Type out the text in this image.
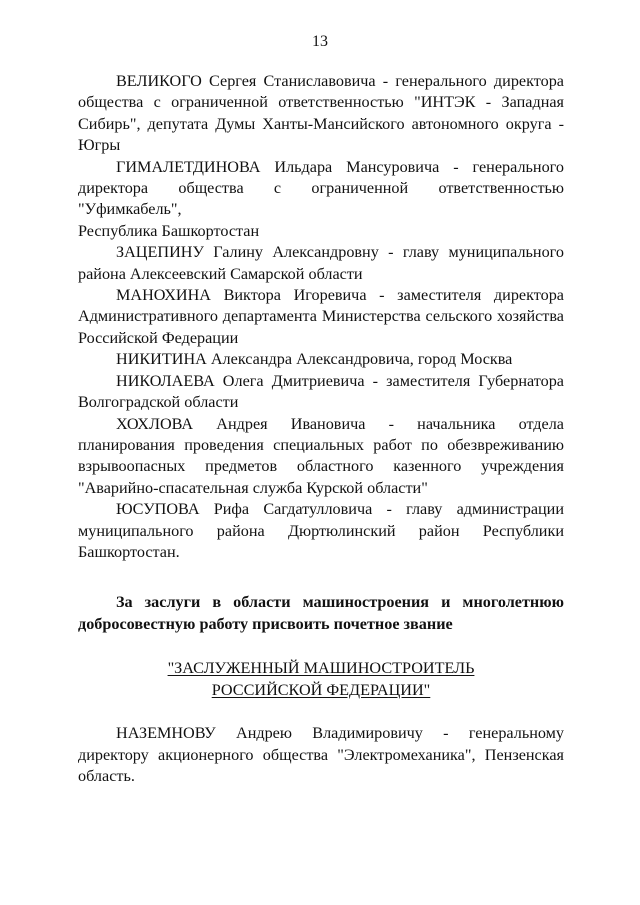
13

ВЕЛИКОГО Сергея Станиславовича - генерального директора
общества с ограниченной ответственностью "ИНТЭК - Западная
Сибирь", депутата Думы Ханты-Мансийского автономного округа -
Югры

ГИМАЛЕТДИНОВА Ильдара Мансуровича - генерального
директора общества с ограниченной ответственностью "Уфимкабель",
Республика Башкортостан

ЗАЦЕПИНУ Галину Александровну - главу муниципального
района Алексеевский Самарской области

МАНОХИНА Виктора Игоревича - заместителя директора
Административного департамента Министерства сельского хозяйства
Российской Федерации

НИКИТИНА Александра Александровича, город Москва

НИКОЛАЕВА Олега Дмитриевича - заместителя Губернатора
Волгоградской области

ХОХЛОВА Андрея Ивановича - начальника отдела
планирования проведения специальных работ по обезвреживанию
взрывоопасных предметов областного казенного учреждения
"Аварийно-спасательная служба Курской области"

ЮСУПОВА Рифа Сагдатулловича - главу администрации
муниципального района Дюртюлинский район Республики
Башкортостан.

За заслуги в области машиностроения и многолетнюю
добросовестную работу присвоить почетное звание

"ЗАСЛУЖЕННЫЙ МАШИНОСТРОИТЕЛЬ
РОССИЙСКОЙ ФЕДЕРАЦИИ"

НАЗЕМНОВУ Андрею Владимировичу - генеральному
директору акционерного общества "Электромеханика", Пензенская
область.
